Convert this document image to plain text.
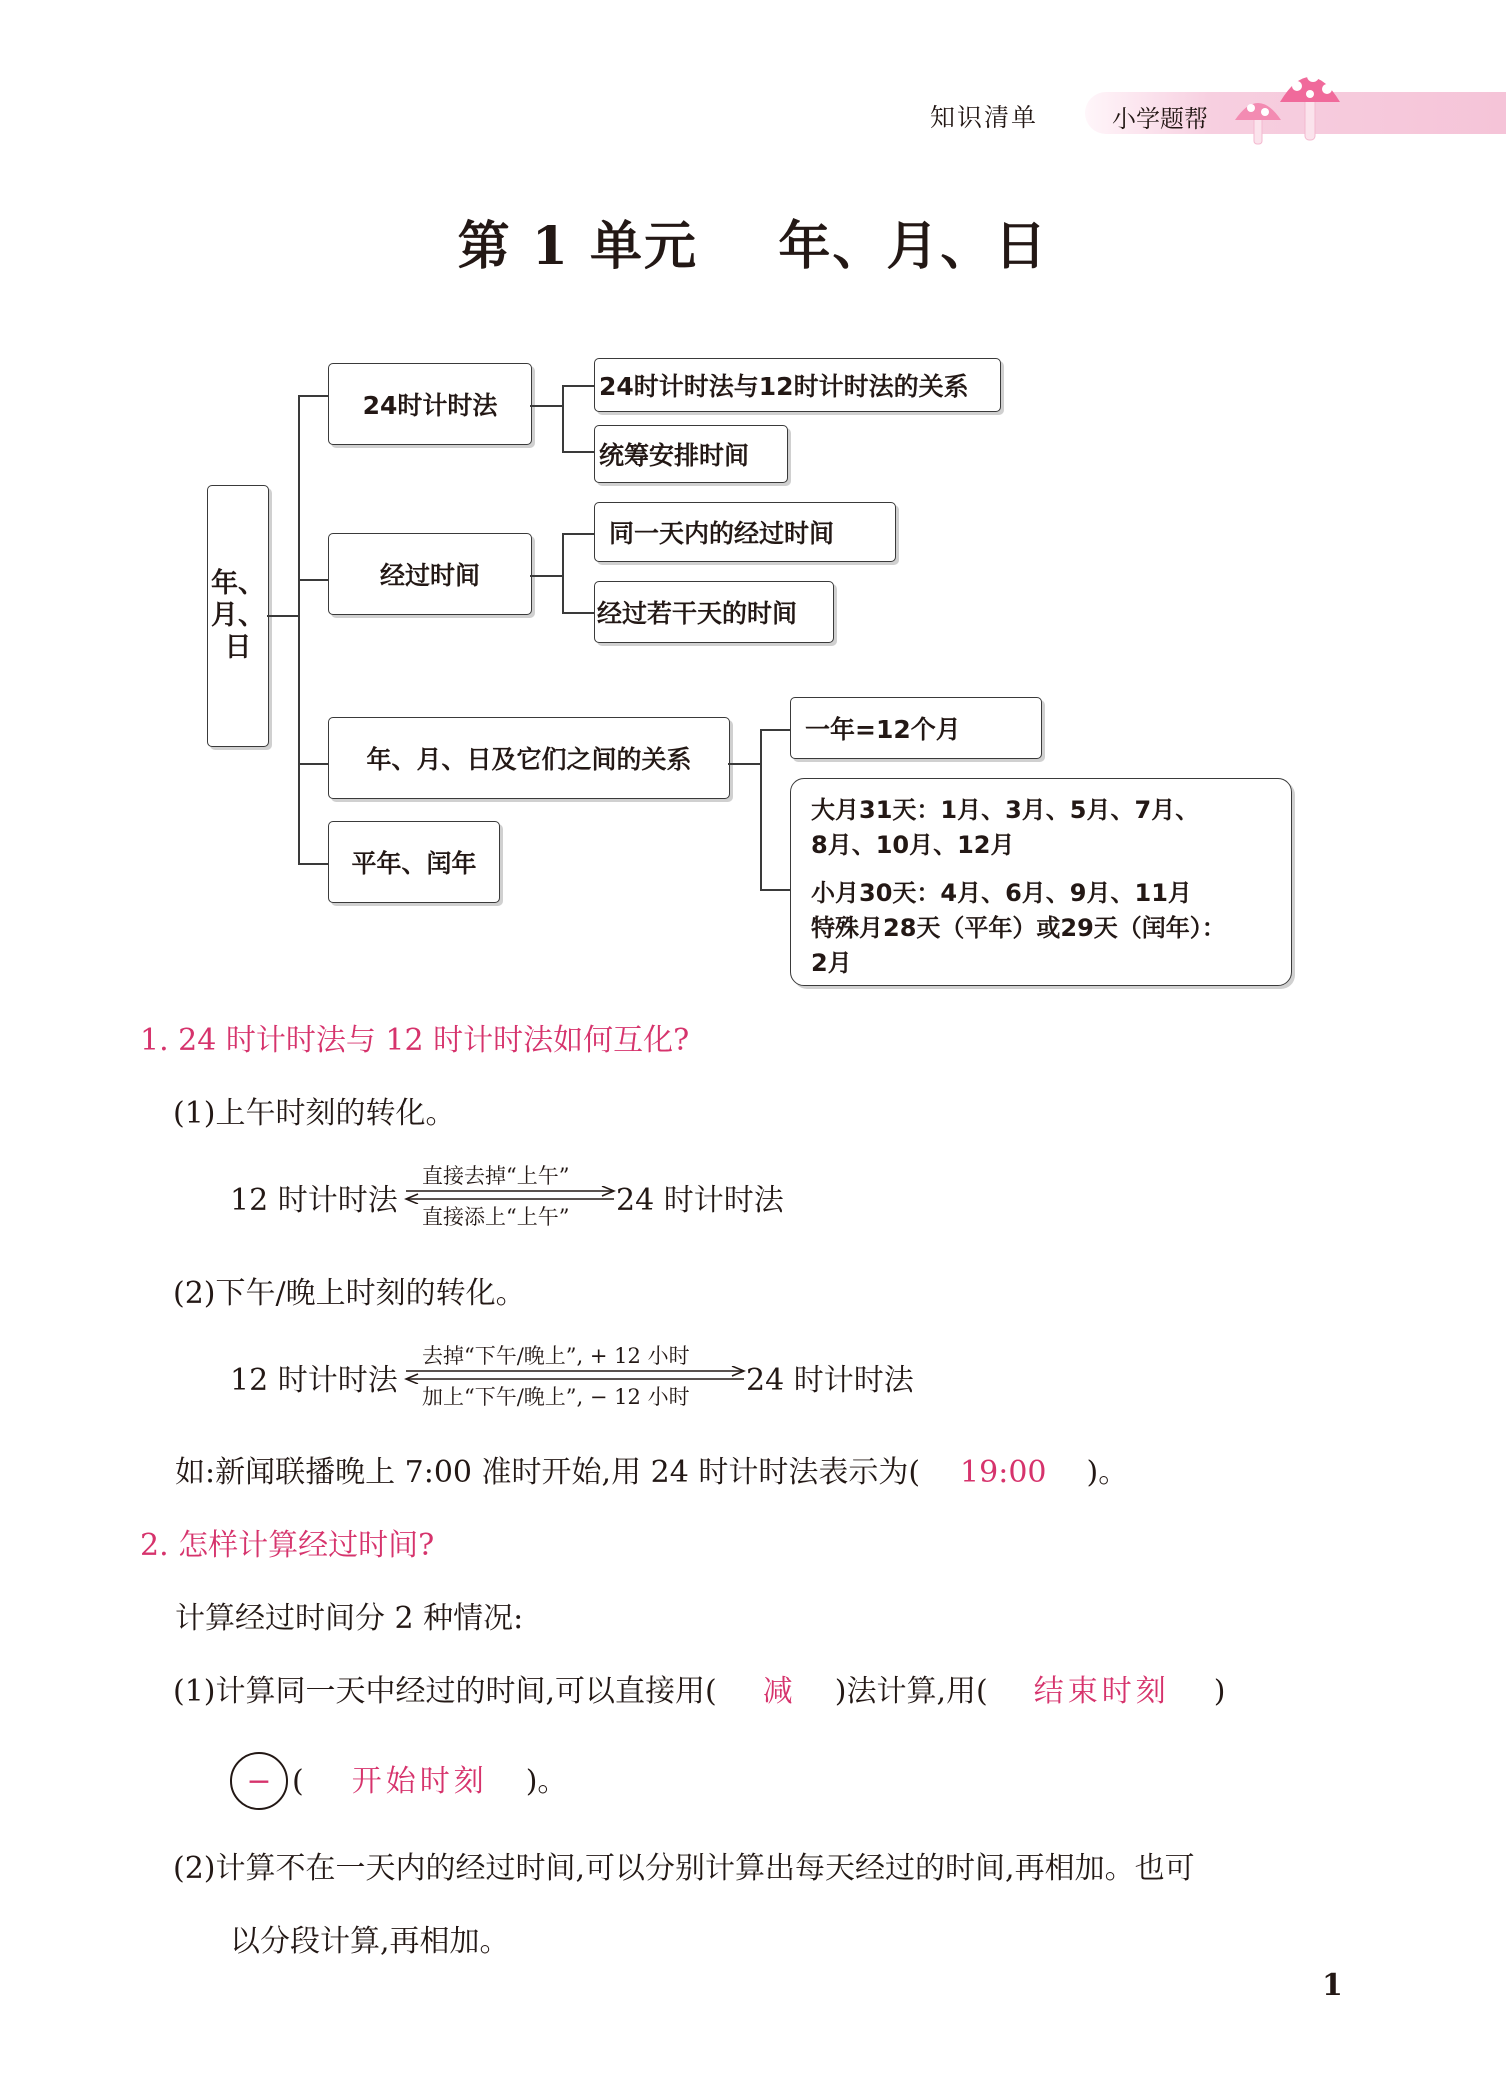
知识清单	小学题帮
第 1 单元    年、月、日
年、
月、
日
24时计时法
24时计时法与12时计时法的关系
统筹安排时间
经过时间
同一天内的经过时间
经过若干天的时间
年、月、日及它们之间的关系
一年=12个月

大月31天：1月、3月、5月、7月、

8月、10月、12月

小月30天：4月、6月、9月、11月

特殊月28天（平年）或29天（闰年）：

2月

平年、闰年
1. 24 时计时法与 12 时计时法如何互化?
(1)上午时刻的转化。
12 时计时法
直接去掉“上午”
直接添上“上午” 24 时计时法
(2)下午/晚上时刻的转化。
12 时计时法
去掉“下午/晚上”, + 12 小时
加上“下午/晚上”, − 12 小时 24 时计时法
如:新闻联播晚上 7:00 准时开始,用 24 时计时法表示为( 19:00 )。
2. 怎样计算经过时间?
计算经过时间分 2 种情况:
(1)计算同一天中经过的时间,可以直接用( 减 )法计算,用( 结束时刻 )
− ( 开始时刻 )。
(2)计算不在一天内的经过时间,可以分别计算出每天经过的时间,再相加。也可
以分段计算,再相加。
1
